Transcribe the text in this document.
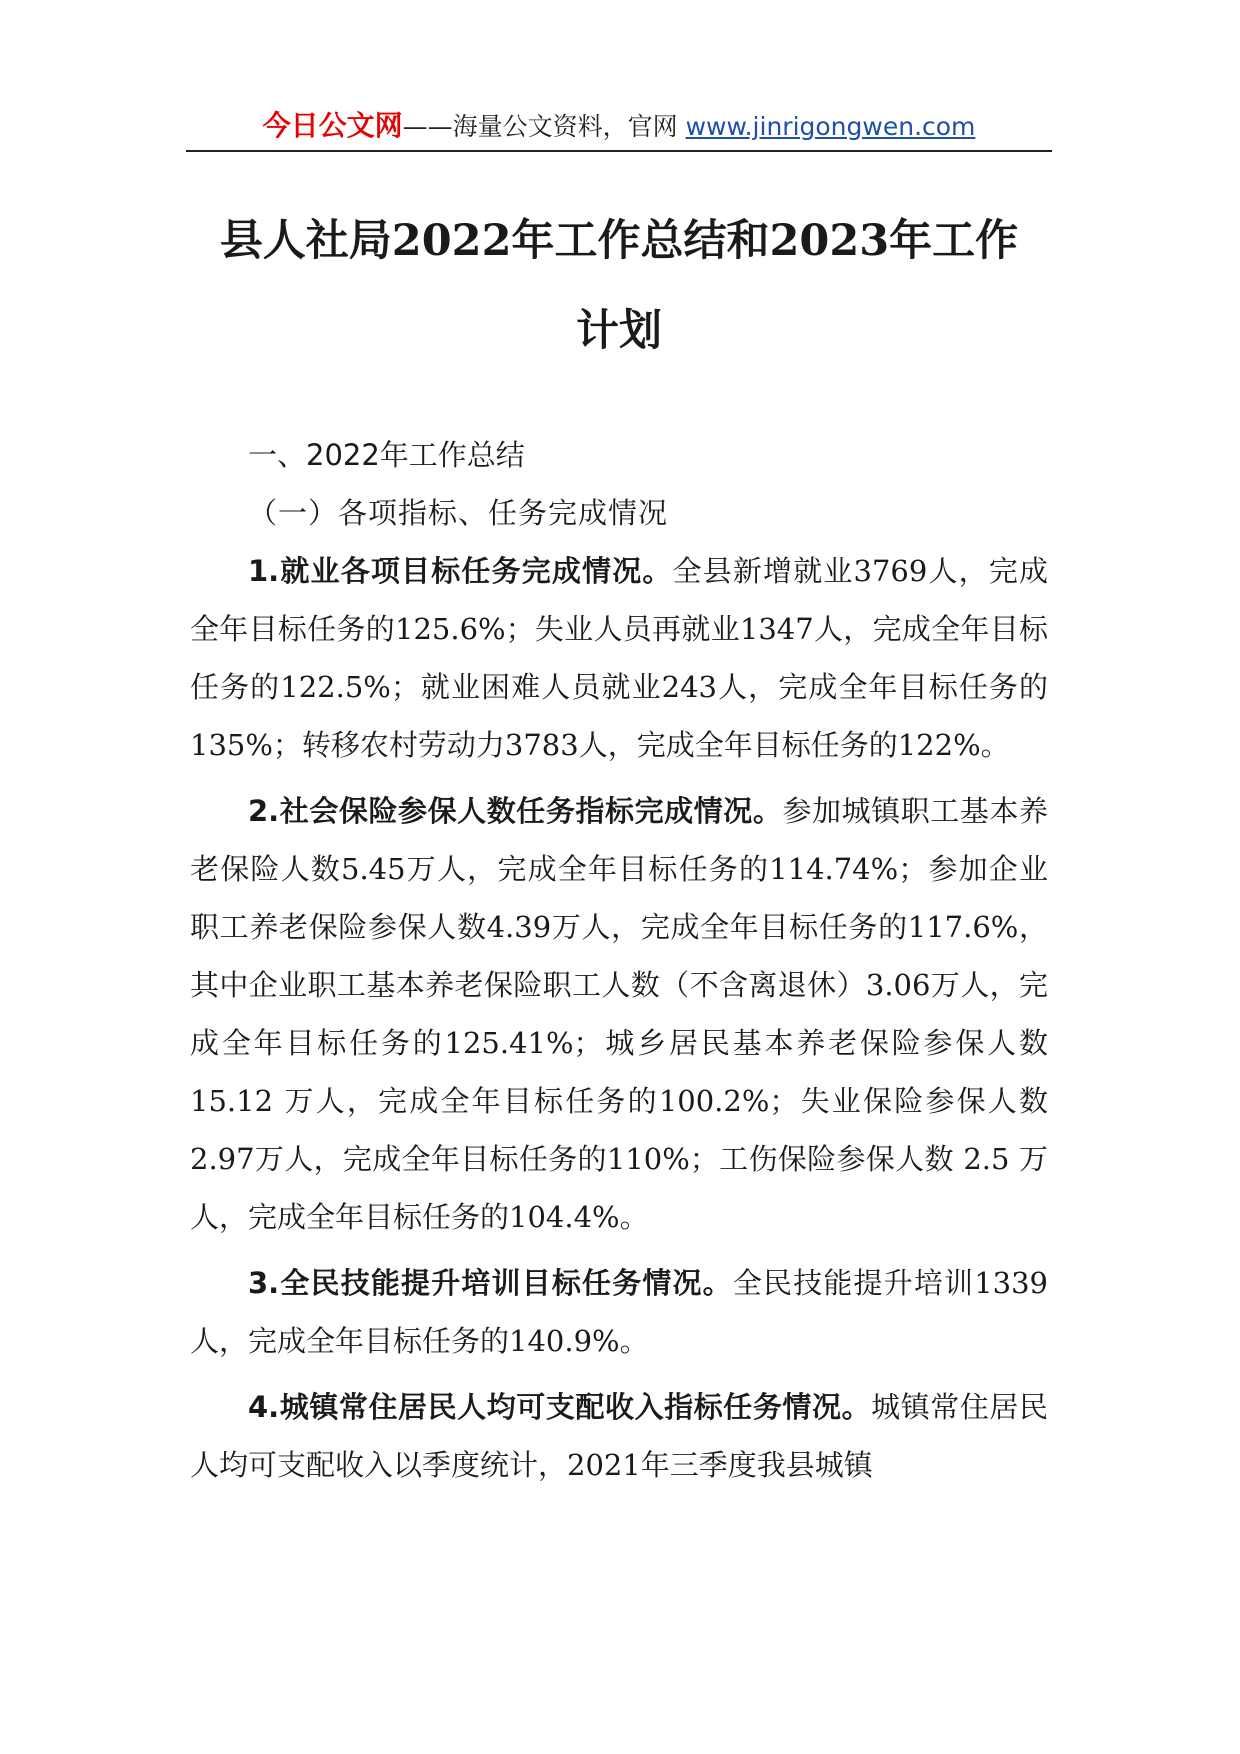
今日公文网——海量公文资料，官网 www.jinrigongwen.com
县人社局2022年工作总结和2023年工作
计划

一、2022年工作总结

（一）各项指标、任务完成情况

1.就业各项目标任务完成情况。全县新增就业3769人，完成全年目标任务的125.6%；失业人员再就业1347人，完成全年目标任务的122.5%；就业困难人员就业243人，完成全年目标任务的135%；转移农村劳动力3783人，完成全年目标任务的122%。

2.社会保险参保人数任务指标完成情况。参加城镇职工基本养老保险人数5.45万人，完成全年目标任务的114.74%；参加企业职工养老保险参保人数4.39万人，完成全年目标任务的117.6%，其中企业职工基本养老保险职工人数（不含离退休）3.06万人，完成全年目标任务的125.41%；城乡居民基本养老保险参保人数 15.12 万人，完成全年目标任务的100.2%；失业保险参保人数2.97万人，完成全年目标任务的110%；工伤保险参保人数 2.5 万人，完成全年目标任务的104.4%。

3.全民技能提升培训目标任务情况。全民技能提升培训1339人，完成全年目标任务的140.9%。

4.城镇常住居民人均可支配收入指标任务情况。城镇常住居民人均可支配收入以季度统计，2021年三季度我县城镇
